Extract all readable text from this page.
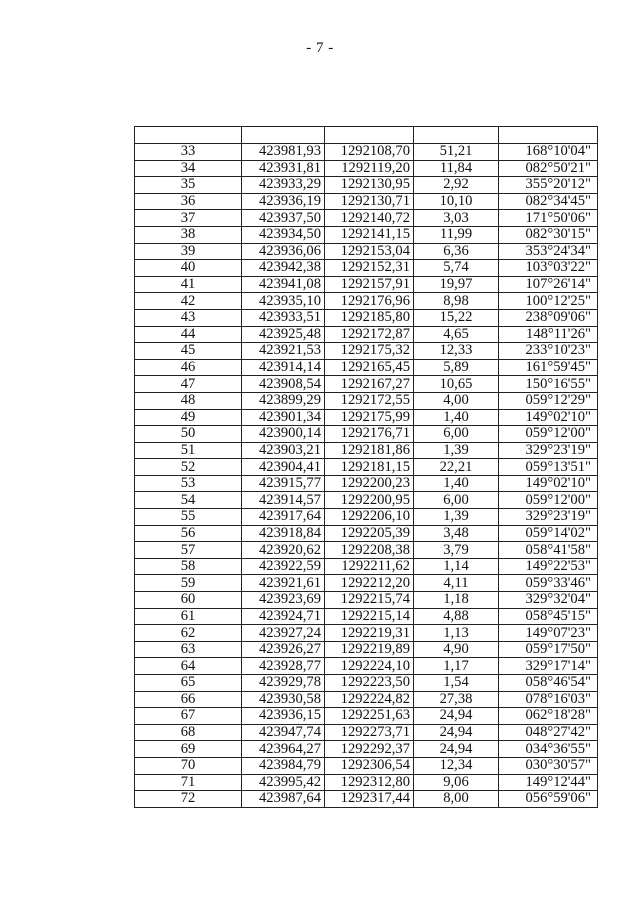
- 7 -

33	423981,93	1292108,70	51,21	168°10'04"
34	423931,81	1292119,20	11,84	082°50'21"
35	423933,29	1292130,95	2,92	355°20'12"
36	423936,19	1292130,71	10,10	082°34'45"
37	423937,50	1292140,72	3,03	171°50'06"
38	423934,50	1292141,15	11,99	082°30'15"
39	423936,06	1292153,04	6,36	353°24'34"
40	423942,38	1292152,31	5,74	103°03'22"
41	423941,08	1292157,91	19,97	107°26'14"
42	423935,10	1292176,96	8,98	100°12'25"
43	423933,51	1292185,80	15,22	238°09'06"
44	423925,48	1292172,87	4,65	148°11'26"
45	423921,53	1292175,32	12,33	233°10'23"
46	423914,14	1292165,45	5,89	161°59'45"
47	423908,54	1292167,27	10,65	150°16'55"
48	423899,29	1292172,55	4,00	059°12'29"
49	423901,34	1292175,99	1,40	149°02'10"
50	423900,14	1292176,71	6,00	059°12'00"
51	423903,21	1292181,86	1,39	329°23'19"
52	423904,41	1292181,15	22,21	059°13'51"
53	423915,77	1292200,23	1,40	149°02'10"
54	423914,57	1292200,95	6,00	059°12'00"
55	423917,64	1292206,10	1,39	329°23'19"
56	423918,84	1292205,39	3,48	059°14'02"
57	423920,62	1292208,38	3,79	058°41'58"
58	423922,59	1292211,62	1,14	149°22'53"
59	423921,61	1292212,20	4,11	059°33'46"
60	423923,69	1292215,74	1,18	329°32'04"
61	423924,71	1292215,14	4,88	058°45'15"
62	423927,24	1292219,31	1,13	149°07'23"
63	423926,27	1292219,89	4,90	059°17'50"
64	423928,77	1292224,10	1,17	329°17'14"
65	423929,78	1292223,50	1,54	058°46'54"
66	423930,58	1292224,82	27,38	078°16'03"
67	423936,15	1292251,63	24,94	062°18'28"
68	423947,74	1292273,71	24,94	048°27'42"
69	423964,27	1292292,37	24,94	034°36'55"
70	423984,79	1292306,54	12,34	030°30'57"
71	423995,42	1292312,80	9,06	149°12'44"
72	423987,64	1292317,44	8,00	056°59'06"
